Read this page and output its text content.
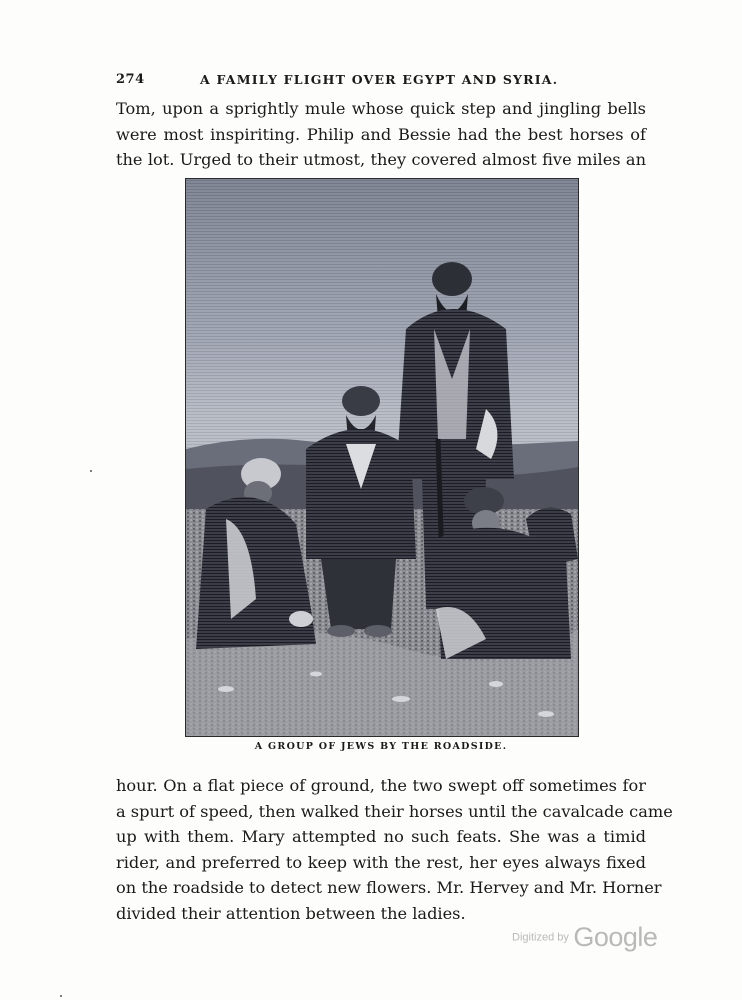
274	A FAMILY FLIGHT OVER EGYPT AND SYRIA.
Tom, upon a sprightly mule whose quick step and jingling bells
were most inspiriting. Philip and Bessie had the best horses of
the lot. Urged to their utmost, they covered almost five miles an
A GROUP OF JEWS BY THE ROADSIDE.
hour. On a flat piece of ground, the two swept off sometimes for
a spurt of speed, then walked their horses until the cavalcade came
up with them. Mary attempted no such feats. She was a timid
rider, and preferred to keep with the rest, her eyes always fixed
on the roadside to detect new flowers. Mr. Hervey and Mr. Horner
divided their attention between the ladies.
Digitized by Google
